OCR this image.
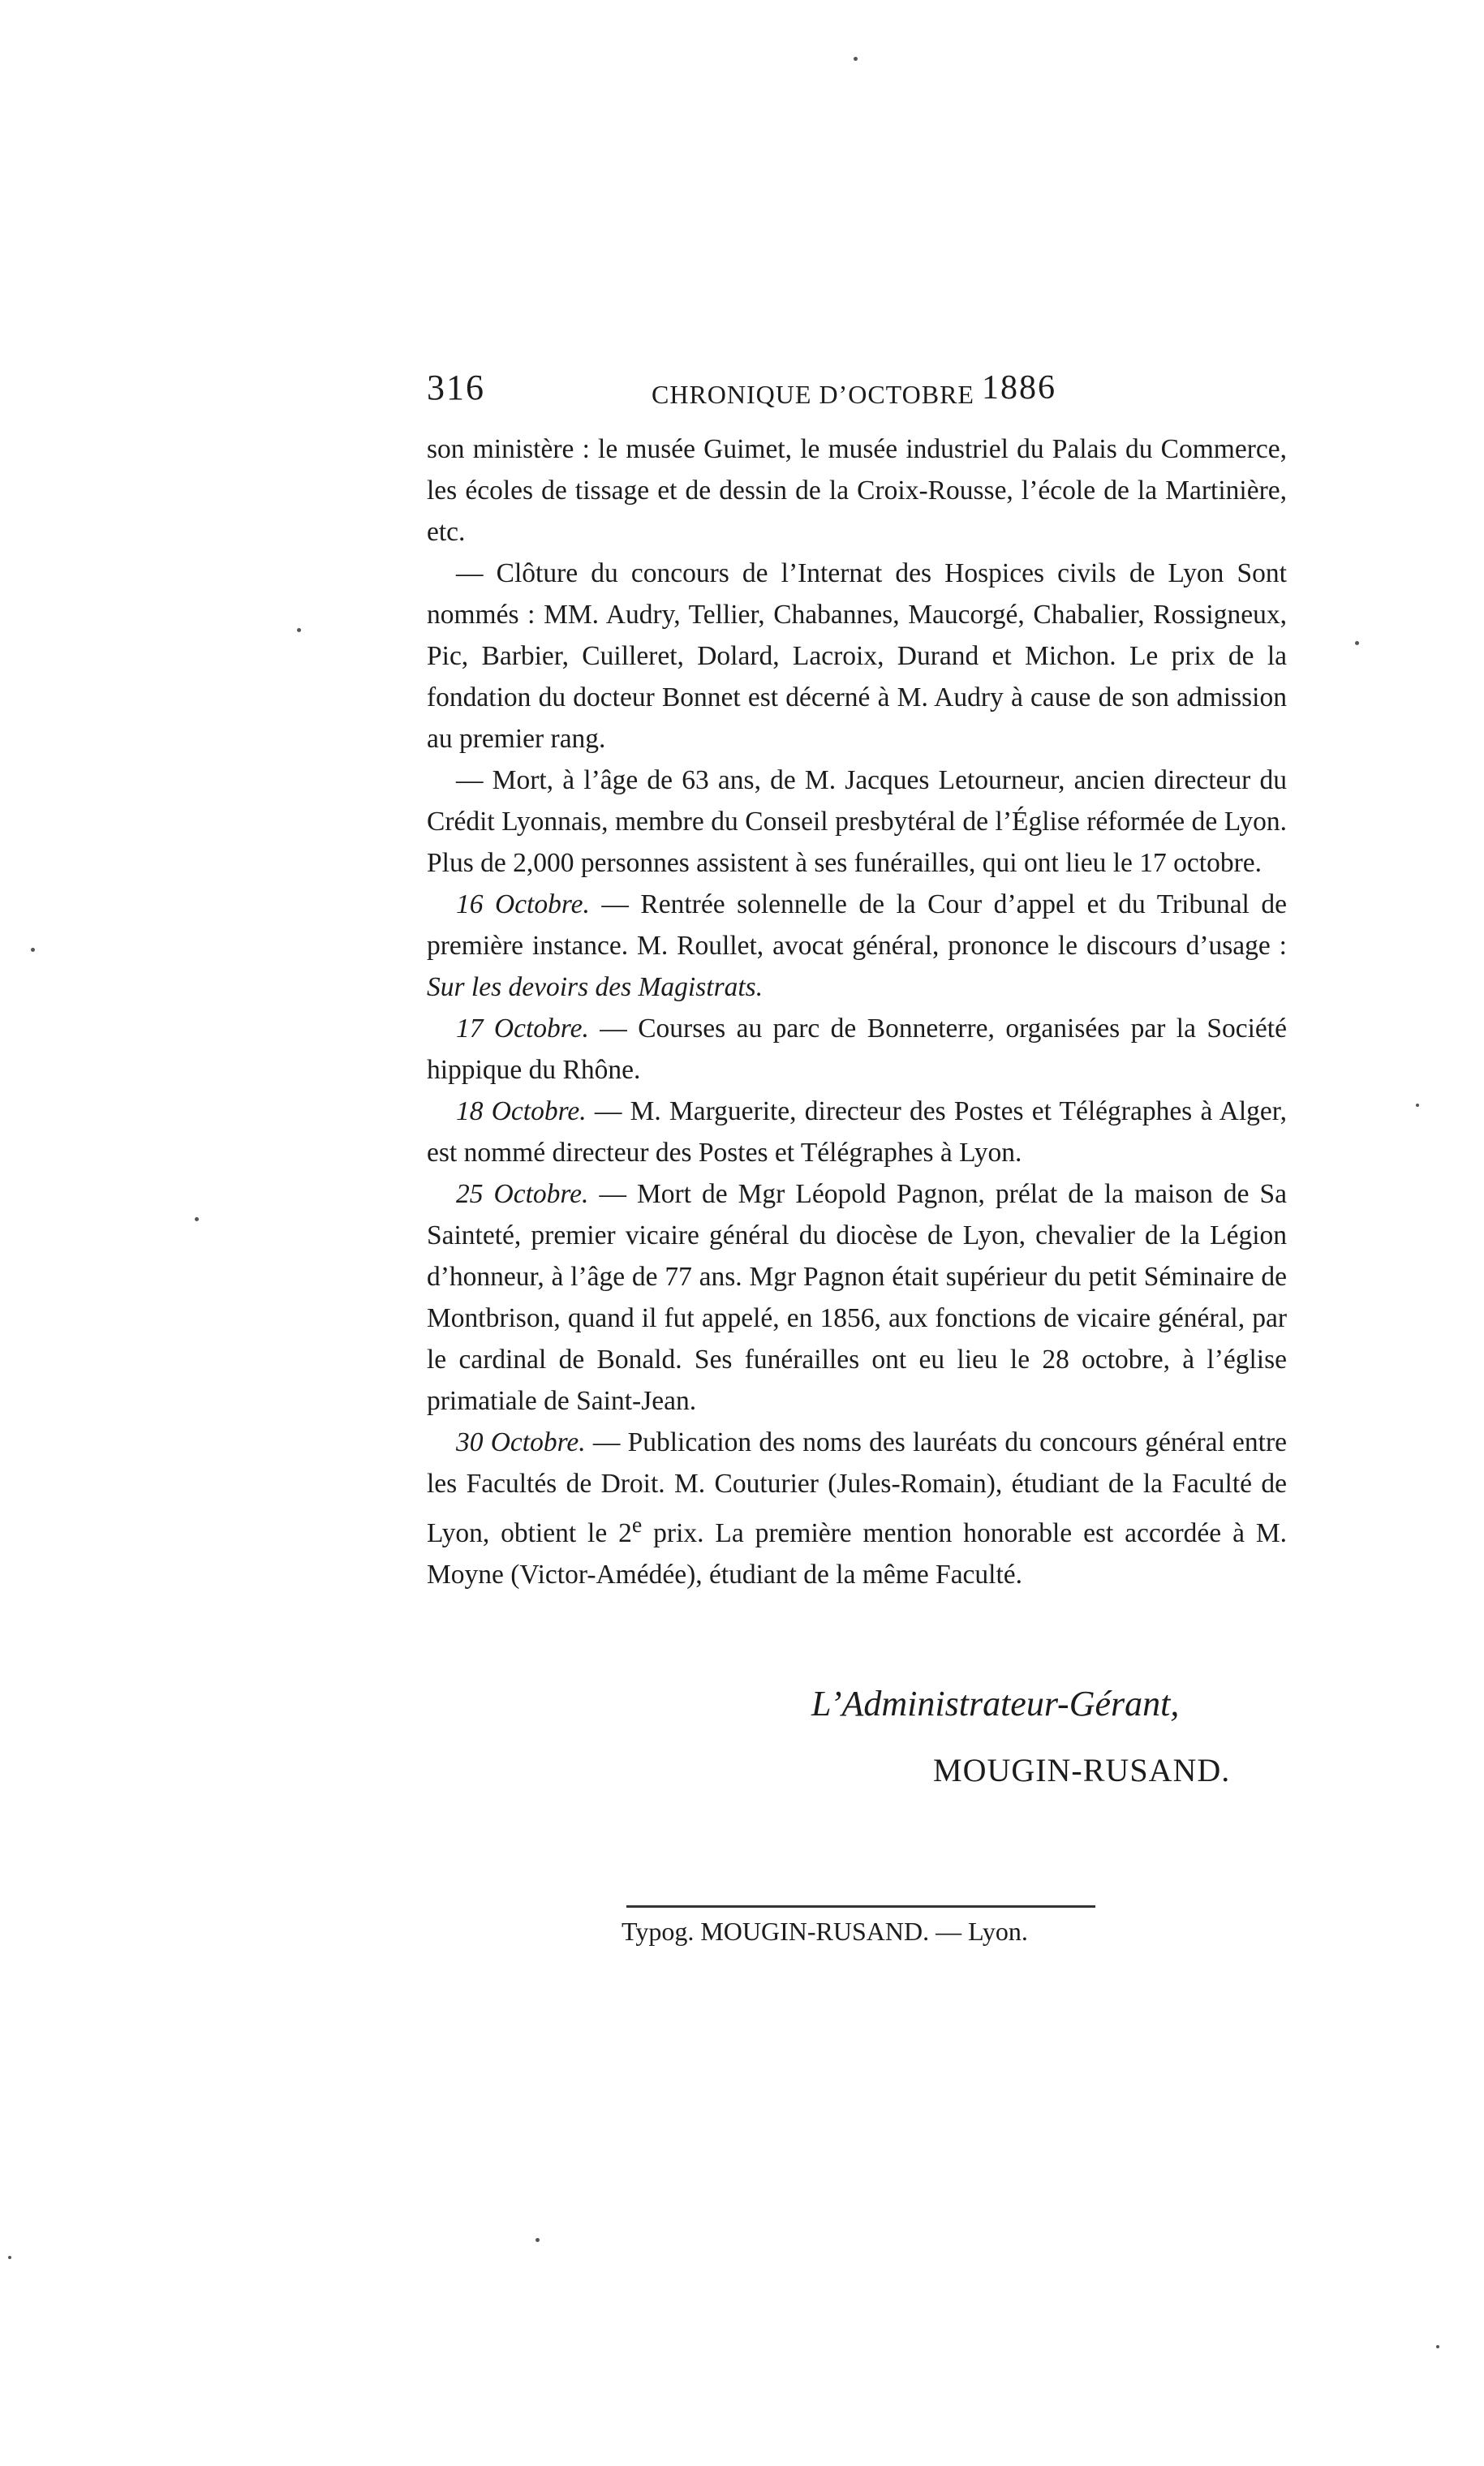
316	CHRONIQUE D’OCTOBRE 1886

son ministère : le musée Guimet, le musée industriel du Palais du Commerce, les écoles de tissage et de dessin de la Croix-Rousse, l’école de la Martinière, etc.

— Clôture du concours de l’Internat des Hospices civils de Lyon Sont nommés : MM. Audry, Tellier, Chabannes, Maucorgé, Chabalier, Rossigneux, Pic, Barbier, Cuilleret, Dolard, Lacroix, Durand et Michon. Le prix de la fondation du docteur Bonnet est décerné à M. Audry à cause de son admission au premier rang.

— Mort, à l’âge de 63 ans, de M. Jacques Letourneur, ancien directeur du Crédit Lyonnais, membre du Conseil presbytéral de l’Église réformée de Lyon. Plus de 2,000 personnes assistent à ses funérailles, qui ont lieu le 17 octobre.

16 Octobre. — Rentrée solennelle de la Cour d’appel et du Tribunal de première instance. M. Roullet, avocat général, prononce le discours d’usage : Sur les devoirs des Magistrats.

17 Octobre. — Courses au parc de Bonneterre, organisées par la Société hippique du Rhône.

18 Octobre. — M. Marguerite, directeur des Postes et Télégraphes à Alger, est nommé directeur des Postes et Télégraphes à Lyon.

25 Octobre. — Mort de Mgr Léopold Pagnon, prélat de la maison de Sa Sainteté, premier vicaire général du diocèse de Lyon, chevalier de la Légion d’honneur, à l’âge de 77 ans. Mgr Pagnon était supérieur du petit Séminaire de Montbrison, quand il fut appelé, en 1856, aux fonctions de vicaire général, par le cardinal de Bonald. Ses funérailles ont eu lieu le 28 octobre, à l’église primatiale de Saint-Jean.

30 Octobre. — Publication des noms des lauréats du concours général entre les Facultés de Droit. M. Couturier (Jules-Romain), étudiant de la Faculté de Lyon, obtient le 2e prix. La première mention honorable est accordée à M. Moyne (Victor-Amédée), étudiant de la même Faculté.

L’Administrateur-Gérant,
MOUGIN-RUSAND.
Typog. MOUGIN-RUSAND. — Lyon.
